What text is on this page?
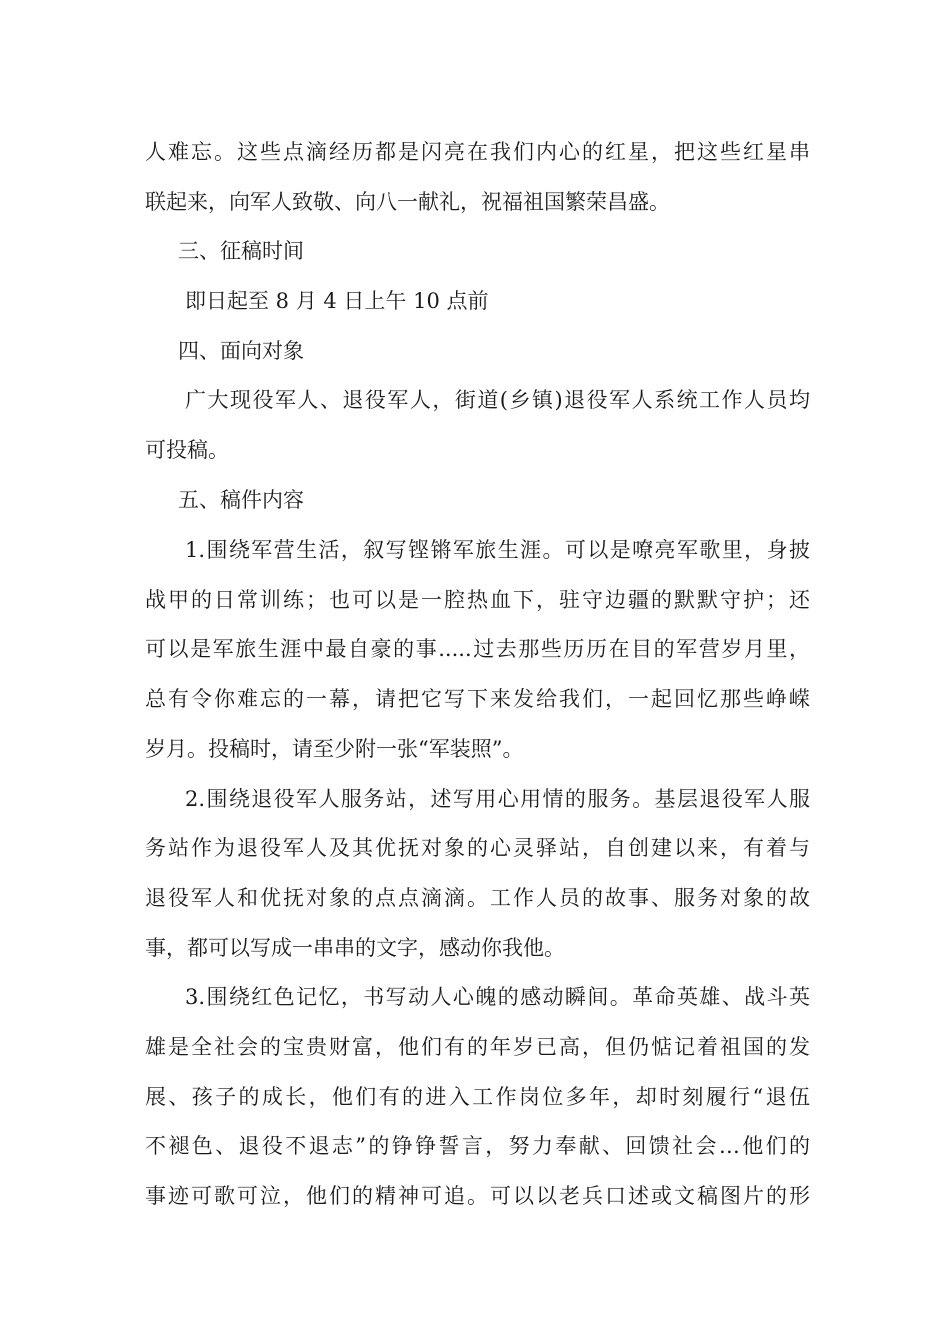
人难忘。这些点滴经历都是闪亮在我们内心的红星，把这些红星串
联起来，向军人致敬、向八一献礼，祝福祖国繁荣昌盛。
三、征稿时间
即日起至 8 月 4 日上午 10 点前
四、面向对象
广大现役军人、退役军人，街道(乡镇)退役军人系统工作人员均
可投稿。
五、稿件内容
1.围绕军营生活，叙写铿锵军旅生涯。可以是嘹亮军歌里，身披
战甲的日常训练；也可以是一腔热血下，驻守边疆的默默守护；还
可以是军旅生涯中最自豪的事.....过去那些历历在目的军营岁月里，
总有令你难忘的一幕，请把它写下来发给我们，一起回忆那些峥嵘
岁月。投稿时，请至少附一张“军装照”。
2.围绕退役军人服务站，述写用心用情的服务。基层退役军人服
务站作为退役军人及其优抚对象的心灵驿站，自创建以来，有着与
退役军人和优抚对象的点点滴滴。工作人员的故事、服务对象的故
事，都可以写成一串串的文字，感动你我他。
3.围绕红色记忆，书写动人心魄的感动瞬间。革命英雄、战斗英
雄是全社会的宝贵财富，他们有的年岁已高，但仍惦记着祖国的发
展、孩子的成长，他们有的进入工作岗位多年，却时刻履行“退伍
不褪色、退役不退志”的铮铮誓言，努力奉献、回馈社会…他们的
事迹可歌可泣，他们的精神可追。可以以老兵口述或文稿图片的形
